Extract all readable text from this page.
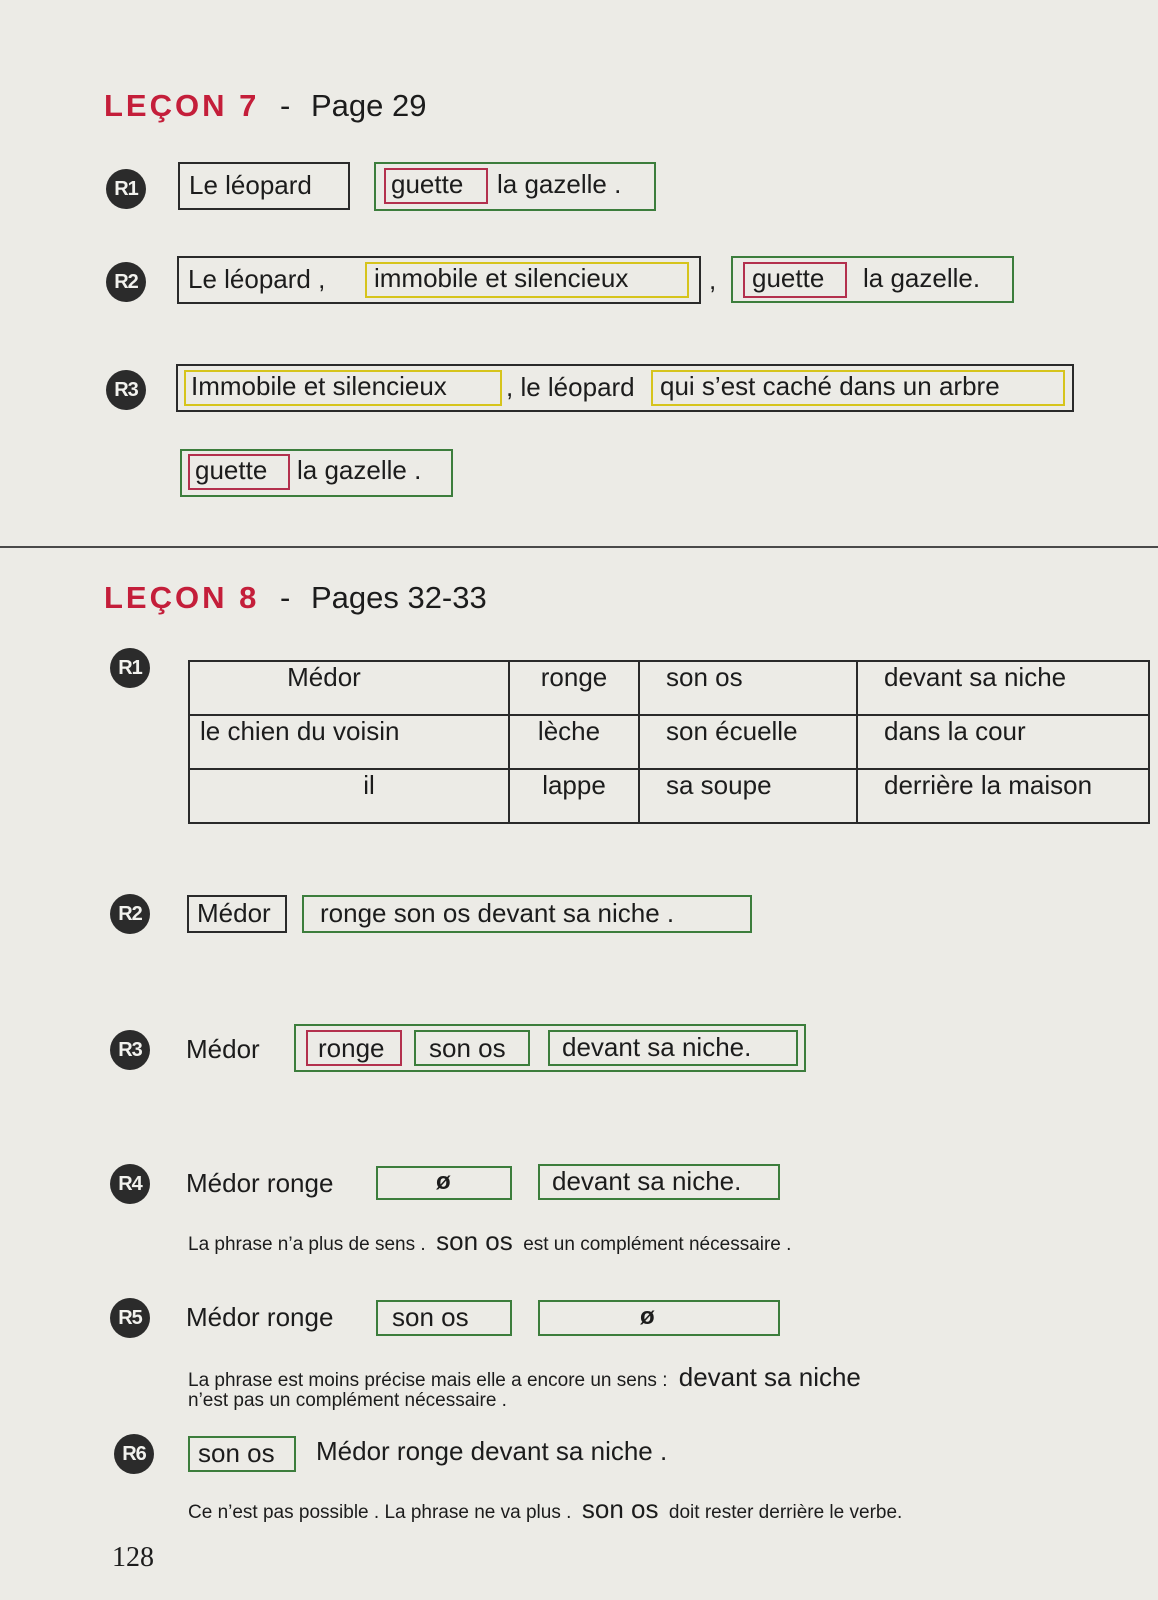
LEÇON 7 - Page 29
R1	Le léopard	guette la gazelle .
R2	Le léopard , immobile et silencieux	, guette la gazelle.
R3	Immobile et silencieux , le léopard qui s’est caché dans un arbre
guette la gazelle .
LEÇON 8 - Pages 32-33
R1	Médor	ronge	son os	devant sa niche
le chien du voisin	lèche	son écuelle	dans la cour
il	lappe	sa soupe	derrière la maison
R2	Médor ronge son os devant sa niche .
R3	Médor ronge son os devant sa niche.
R4	Médor ronge	ø	devant sa niche.
La phrase n’a plus de sens . son os est un complément nécessaire .
R5	Médor ronge son os	ø
La phrase est moins précise mais elle a encore un sens : devant sa niche
n’est pas un complément nécessaire .
R6	son os Médor ronge devant sa niche .
Ce n’est pas possible . La phrase ne va plus . son os doit rester derrière le verbe.
128
